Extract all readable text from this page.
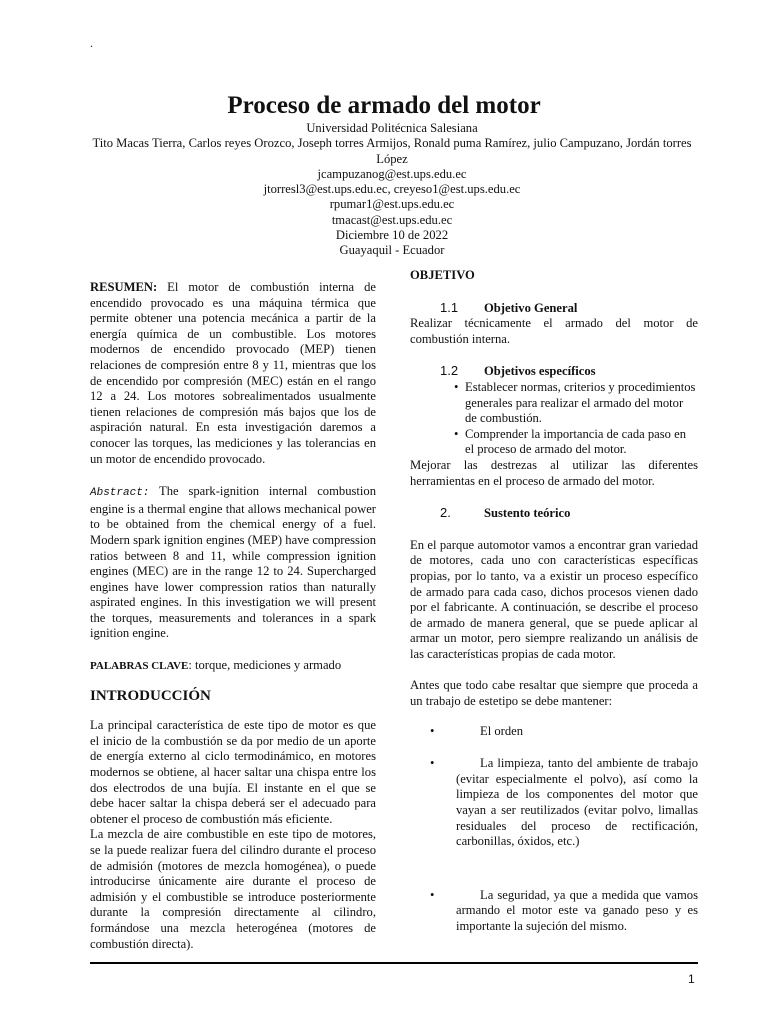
.
Proceso de armado del motor
Universidad Politécnica Salesiana
Tito Macas Tierra, Carlos reyes Orozco, Joseph torres Armijos, Ronald puma Ramírez, julio Campuzano, Jordán torres López
jcampuzanog@est.ups.edu.ec
jtorresl3@est.ups.edu.ec, creyeso1@est.ups.edu.ec
rpumar1@est.ups.edu.ec
tmacast@est.ups.edu.ec
Diciembre 10 de 2022
Guayaquil - Ecuador

RESUMEN: El motor de combustión interna de encendido provocado es una máquina térmica que permite obtener una potencia mecánica a partir de la energía química de un combustible. Los motores modernos de encendido provocado (MEP) tienen relaciones de compresión entre 8 y 11, mientras que los de encendido por compresión (MEC) están en el rango 12 a 24. Los motores sobrealimentados usualmente tienen relaciones de compresión más bajos que los de aspiración natural. En esta investigación daremos a conocer las torques, las mediciones y las tolerancias en un motor de encendido provocado.

Abstract: The spark-ignition internal combustion engine is a thermal engine that allows mechanical power to be obtained from the chemical energy of a fuel. Modern spark ignition engines (MEP) have compression ratios between 8 and 11, while compression ignition engines (MEC) are in the range 12 to 24. Supercharged engines have lower compression ratios than naturally aspirated engines. In this investigation we will present the torques, measurements and tolerances in a spark ignition engine.

PALABRAS CLAVE: torque, mediciones y armado

INTRODUCCIÓN

La principal característica de este tipo de motor es que el inicio de la combustión se da por medio de un aporte de energía externo al ciclo termodinámico, en motores modernos se obtiene, al hacer saltar una chispa entre los dos electrodos de una bujía. El instante en el que se debe hacer saltar la chispa deberá ser el adecuado para obtener el proceso de combustión más eficiente.

La mezcla de aire combustible en este tipo de motores, se la puede realizar fuera del cilindro durante el proceso de admisión (motores de mezcla homogénea), o puede introducirse únicamente aire durante el proceso de admisión y el combustible se introduce posteriormente durante la compresión directamente al cilindro, formándose una mezcla heterogénea (motores de combustión directa).

OBJETIVO

1.1 Objetivo General

Realizar técnicamente el armado del motor de combustión interna.

1.2 Objetivos específicos

• Establecer normas, criterios y procedimientos generales para realizar el armado del motor de combustión.
• Comprender la importancia de cada paso en el proceso de armado del motor.

Mejorar las destrezas al utilizar las diferentes herramientas en el proceso de armado del motor.

2.	Sustento teórico

En el parque automotor vamos a encontrar gran variedad de motores, cada uno con características específicas propias, por lo tanto, va a existir un proceso específico de armado para cada caso, dichos procesos vienen dado por el fabricante. A continuación, se describe el proceso de armado de manera general, que se puede aplicar al armar un motor, pero siempre realizando un análisis de las características propias de cada motor.

Antes que todo cabe resaltar que siempre que proceda a un trabajo de estetipo se debe mantener:

•	El orden
•	La limpieza, tanto del ambiente de trabajo (evitar especialmente el polvo), así como la limpieza de los componentes del motor que vayan a ser reutilizados (evitar polvo, limallas residuales del proceso de rectificación, carbonillas, óxidos, etc.)
•	La seguridad, ya que a medida que vamos armando el motor este va ganado peso y es importante la sujeción del mismo.
1
